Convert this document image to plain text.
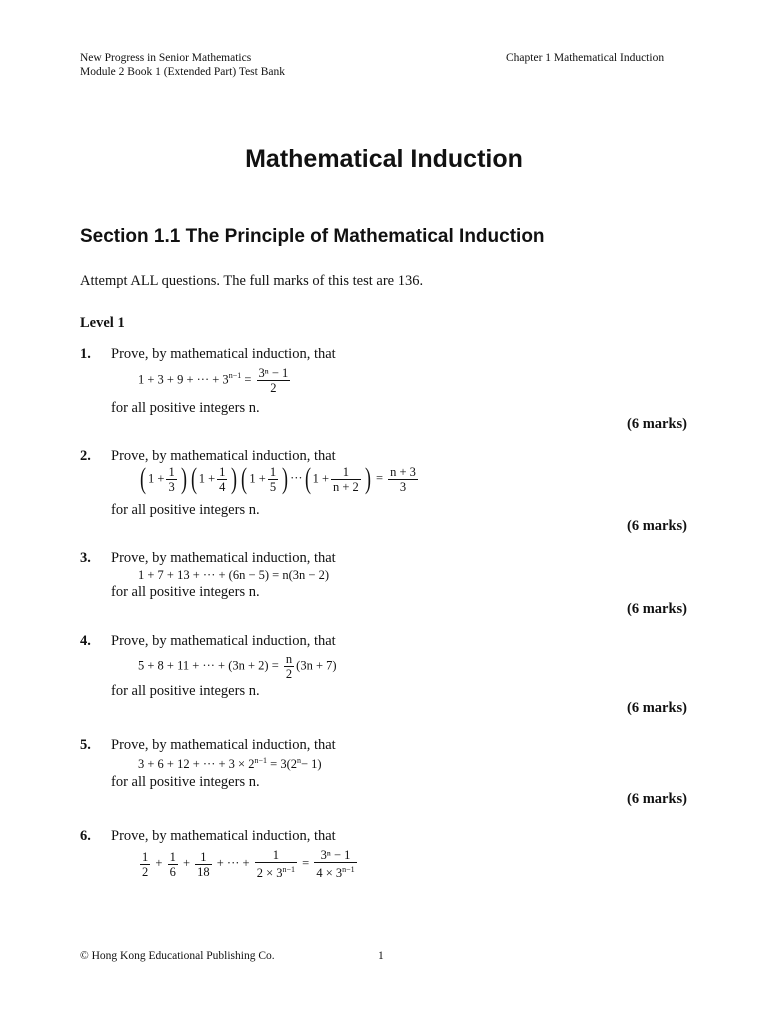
New Progress in Senior Mathematics
Module 2 Book 1 (Extended Part) Test Bank
Chapter 1 Mathematical Induction
Mathematical Induction
Section 1.1 The Principle of Mathematical Induction
Attempt ALL questions. The full marks of this test are 136.
Level 1
1. Prove, by mathematical induction, that
1 + 3 + 9 + ··· + $3^{n-1} = \frac{\text{3ⁿ − 1}}{2}$
for all positive integers n.
(6 marks)
2. Prove, by mathematical induction, that
( $1 + \frac{1}{3}$ ) ( $1 + \frac{1}{4}$ ) ( $1 + \frac{1}{5}$ ) ···( $1 + \frac{1}{n + 2}$ ) = $\frac{n + 3}{3}$
for all positive integers n.
(6 marks)
3. Prove, by mathematical induction, that
1 + 7 + 13 + ··· + (6n − 5) = n(3n − 2)
for all positive integers n.
(6 marks)
4. Prove, by mathematical induction, that
5 + 8 + 11 + ··· + $(3n + 2) = \frac{n}{2} (3n + 7)$
for all positive integers n.
(6 marks)
5. Prove, by mathematical induction, that
3 + 6 + 12 + ··· + $3 \times 2^{n-1} = 3(2^n- 1)$
for all positive integers n.
(6 marks)
6. Prove, by mathematical induction, that
$\frac{1}{2} + \frac{1}{6} + \frac{1}{18}$ + ··· + $\frac{1}{2 \times 3^{n-1}} = \frac{\text{3ⁿ − 1}}{4 \times 3^{n-1}}$
© Hong Kong Educational Publishing Co.	1
